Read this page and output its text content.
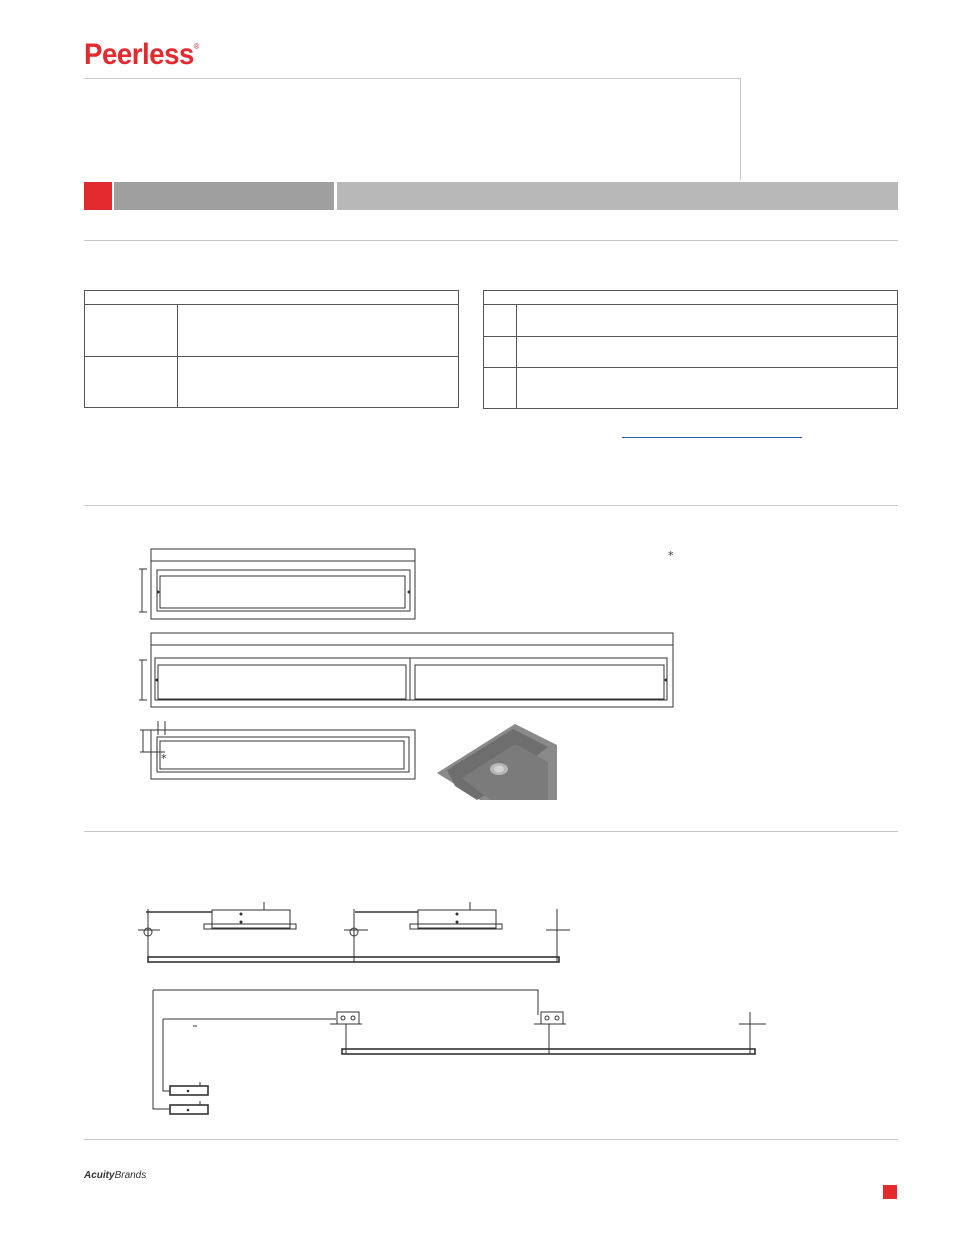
Peerless®
*
*
AcuityBrands
